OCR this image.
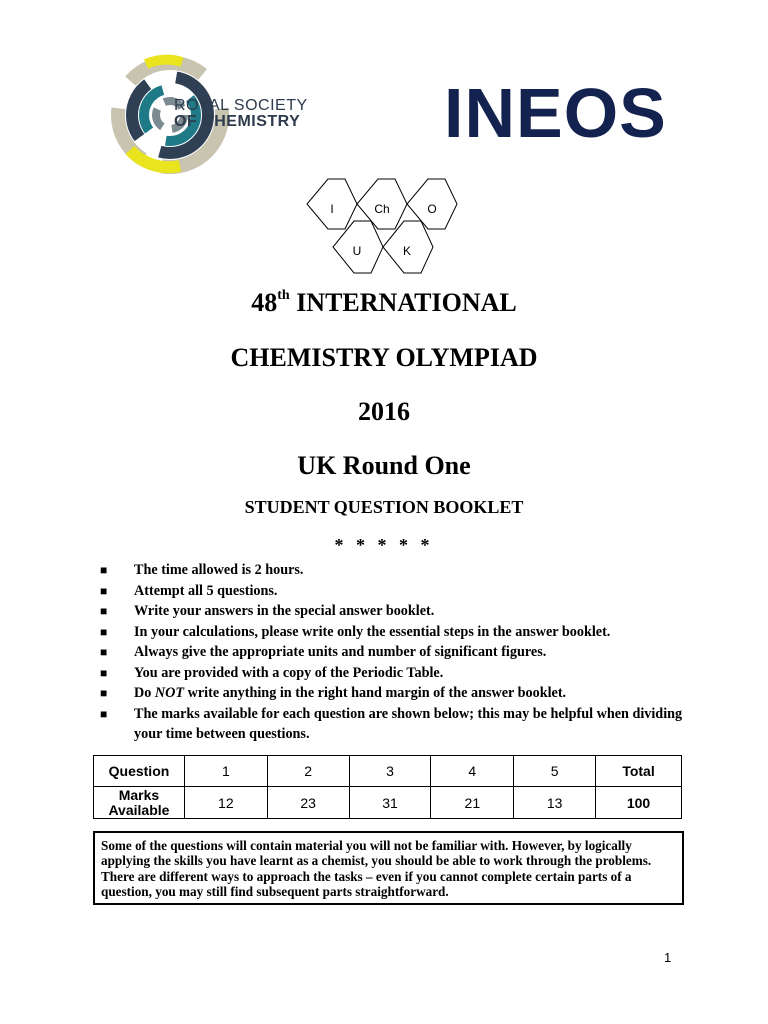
ROYAL SOCIETY
OF CHEMISTRY INEOS
I	Ch	O
U	K
48th INTERNATIONAL
CHEMISTRY OLYMPIAD
2016
UK Round One
STUDENT QUESTION BOOKLET
* * * * *
■ The time allowed is 2 hours.
■ Attempt all 5 questions.
■ Write your answers in the special answer booklet.
■ In your calculations, please write only the essential steps in the answer booklet.
■ Always give the appropriate units and number of significant figures.
■ You are provided with a copy of the Periodic Table.
■ Do NOT write anything in the right hand margin of the answer booklet.
■ The marks available for each question are shown below; this may be helpful when dividing your time between questions.
Question	1	2	3	4	5	Total
Marks
Available	12	23	31	21	13	100
Some of the questions will contain material you will not be familiar with. However, by logically applying the skills you have learnt as a chemist, you should be able to work through the problems. There are different ways to approach the tasks – even if you cannot complete certain parts of a question, you may still find subsequent parts straightforward.
1
